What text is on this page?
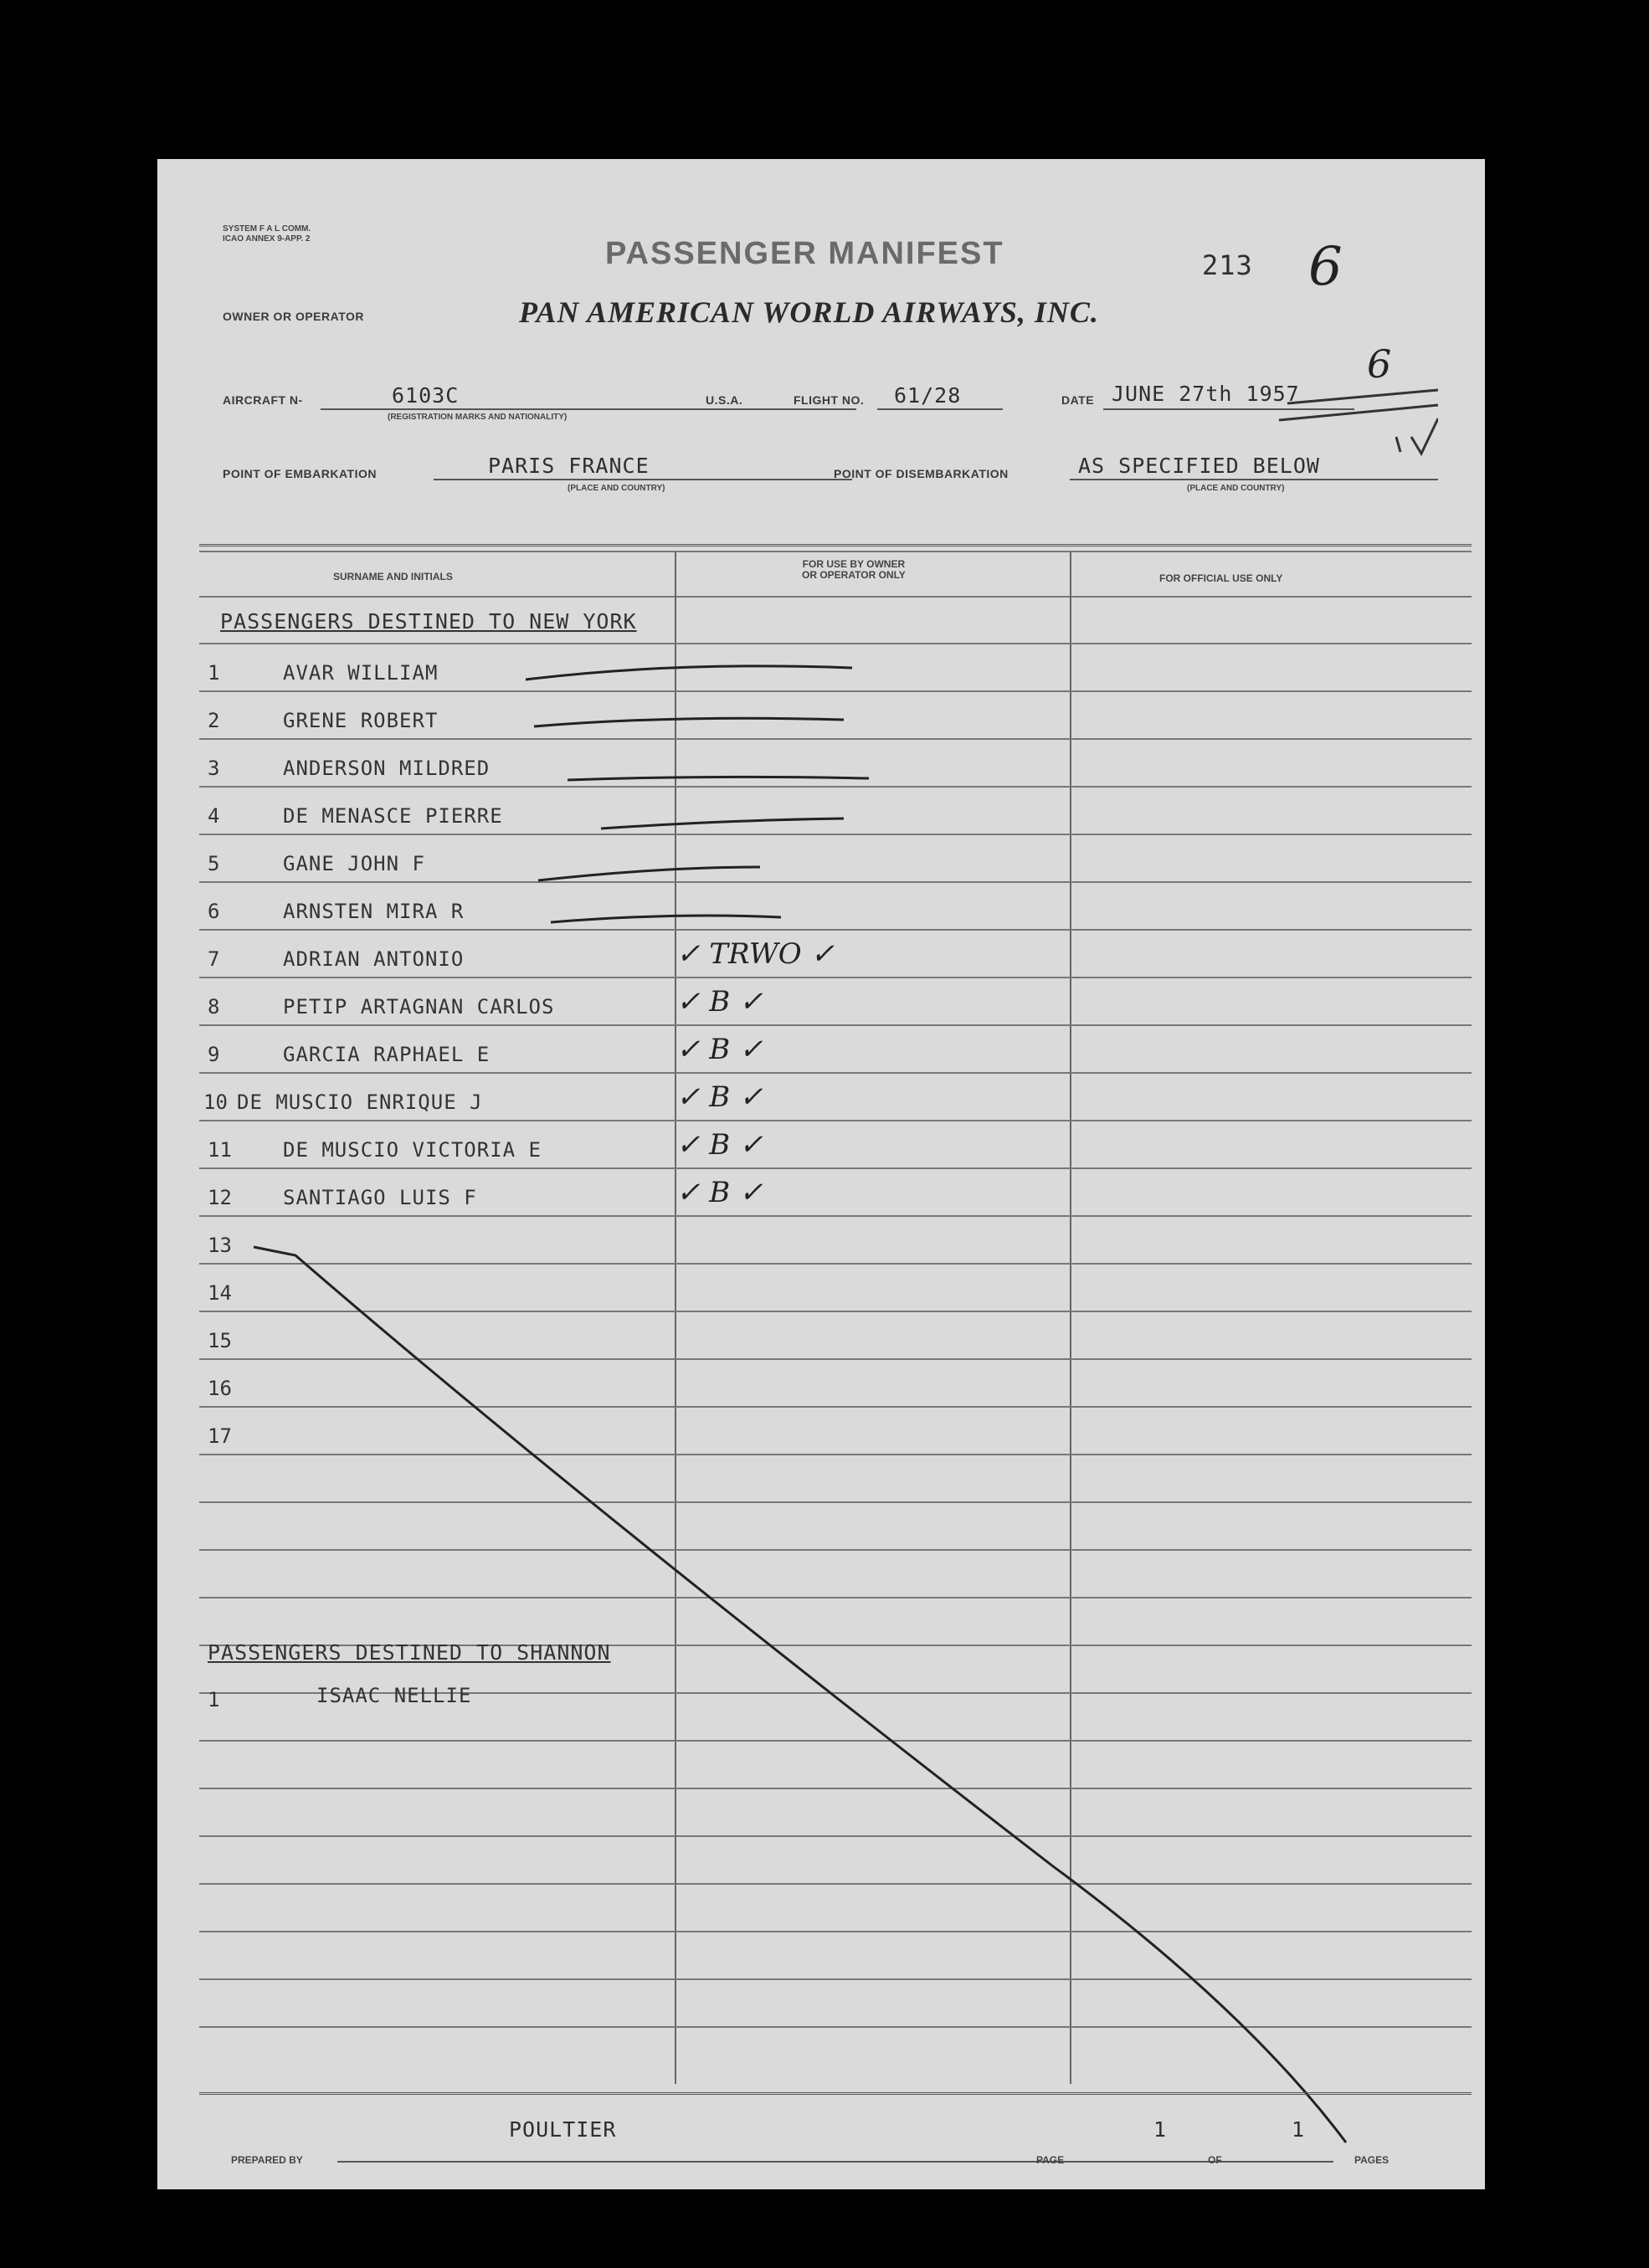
SYSTEM F A L COMM.
ICAO ANNEX 9-APP. 2	PASSENGER MANIFEST	213 6
OWNER OR OPERATOR	PAN AMERICAN WORLD AIRWAYS, INC.
AIRCRAFT N-	6103C
(REGISTRATION MARKS AND NATIONALITY)
U.S.A.	FLIGHT NO. 61/28	DATE JUNE 27th 1957
6
POINT OF EMBARKATION	PARIS FRANCE
(PLACE AND COUNTRY)
POINT OF DISEMBARKATION	AS SPECIFIED BELOW
(PLACE AND COUNTRY)
SURNAME AND INITIALS
FOR USE BY OWNER
OR OPERATOR ONLY	FOR OFFICIAL USE ONLY
PASSENGERS DESTINED TO NEW YORK
1	AVAR WILLIAM
2	GRENE ROBERT
3	ANDERSON MILDRED
4	DE MENASCE PIERRE
5	GANE JOHN F
6	ARNSTEN MIRA R
7	ADRIAN ANTONIO	✓ TRWO ✓
8	PETIP ARTAGNAN CARLOS	✓ B ✓
9	GARCIA RAPHAEL E	✓ B ✓
10 DE MUSCIO ENRIQUE J	✓ B ✓
11	DE MUSCIO VICTORIA E	✓ B ✓
12	SANTIAGO LUIS F	✓ B ✓
13
14
15
16
17
PASSENGERS DESTINED TO SHANNON
1	ISAAC NELLIE
POULTIER	1	1
PREPARED BY	PAGE	OF	PAGES
